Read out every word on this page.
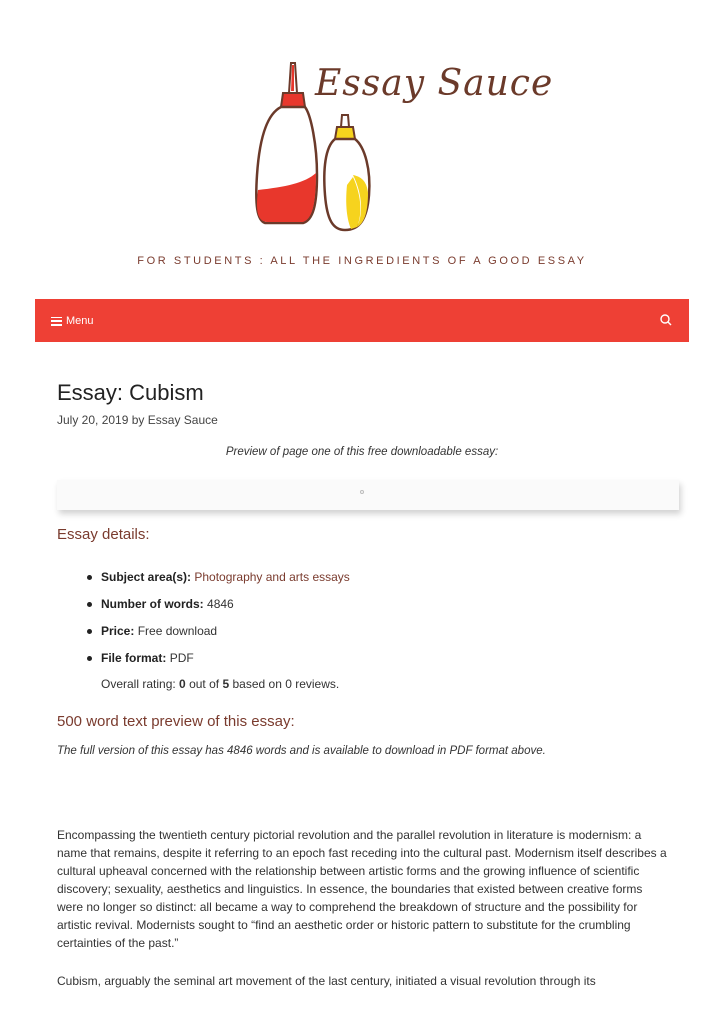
Essay Sauce
FOR STUDENTS : ALL THE INGREDIENTS OF A GOOD ESSAY
Menu
Essay: Cubism
July 20, 2019 by Essay Sauce
Preview of page one of this free downloadable essay:
Essay details:
Subject area(s): Photography and arts essays
Number of words: 4846
Price: Free download
File format: PDF
Overall rating: 0 out of 5 based on 0 reviews.
500 word text preview of this essay:
The full version of this essay has 4846 words and is available to download in PDF format above.

Encompassing the twentieth century pictorial revolution and the parallel revolution in literature is modernism: a name that remains, despite it referring to an epoch fast receding into the cultural past. Modernism itself describes a cultural upheaval concerned with the relationship between artistic forms and the growing influence of scientific discovery; sexuality, aesthetics and linguistics. In essence, the boundaries that existed between creative forms were no longer so distinct: all became a way to comprehend the breakdown of structure and the possibility for artistic revival. Modernists sought to “find an aesthetic order or historic pattern to substitute for the crumbling certainties of the past.”

Cubism, arguably the seminal art movement of the last century, initiated a visual revolution through its
